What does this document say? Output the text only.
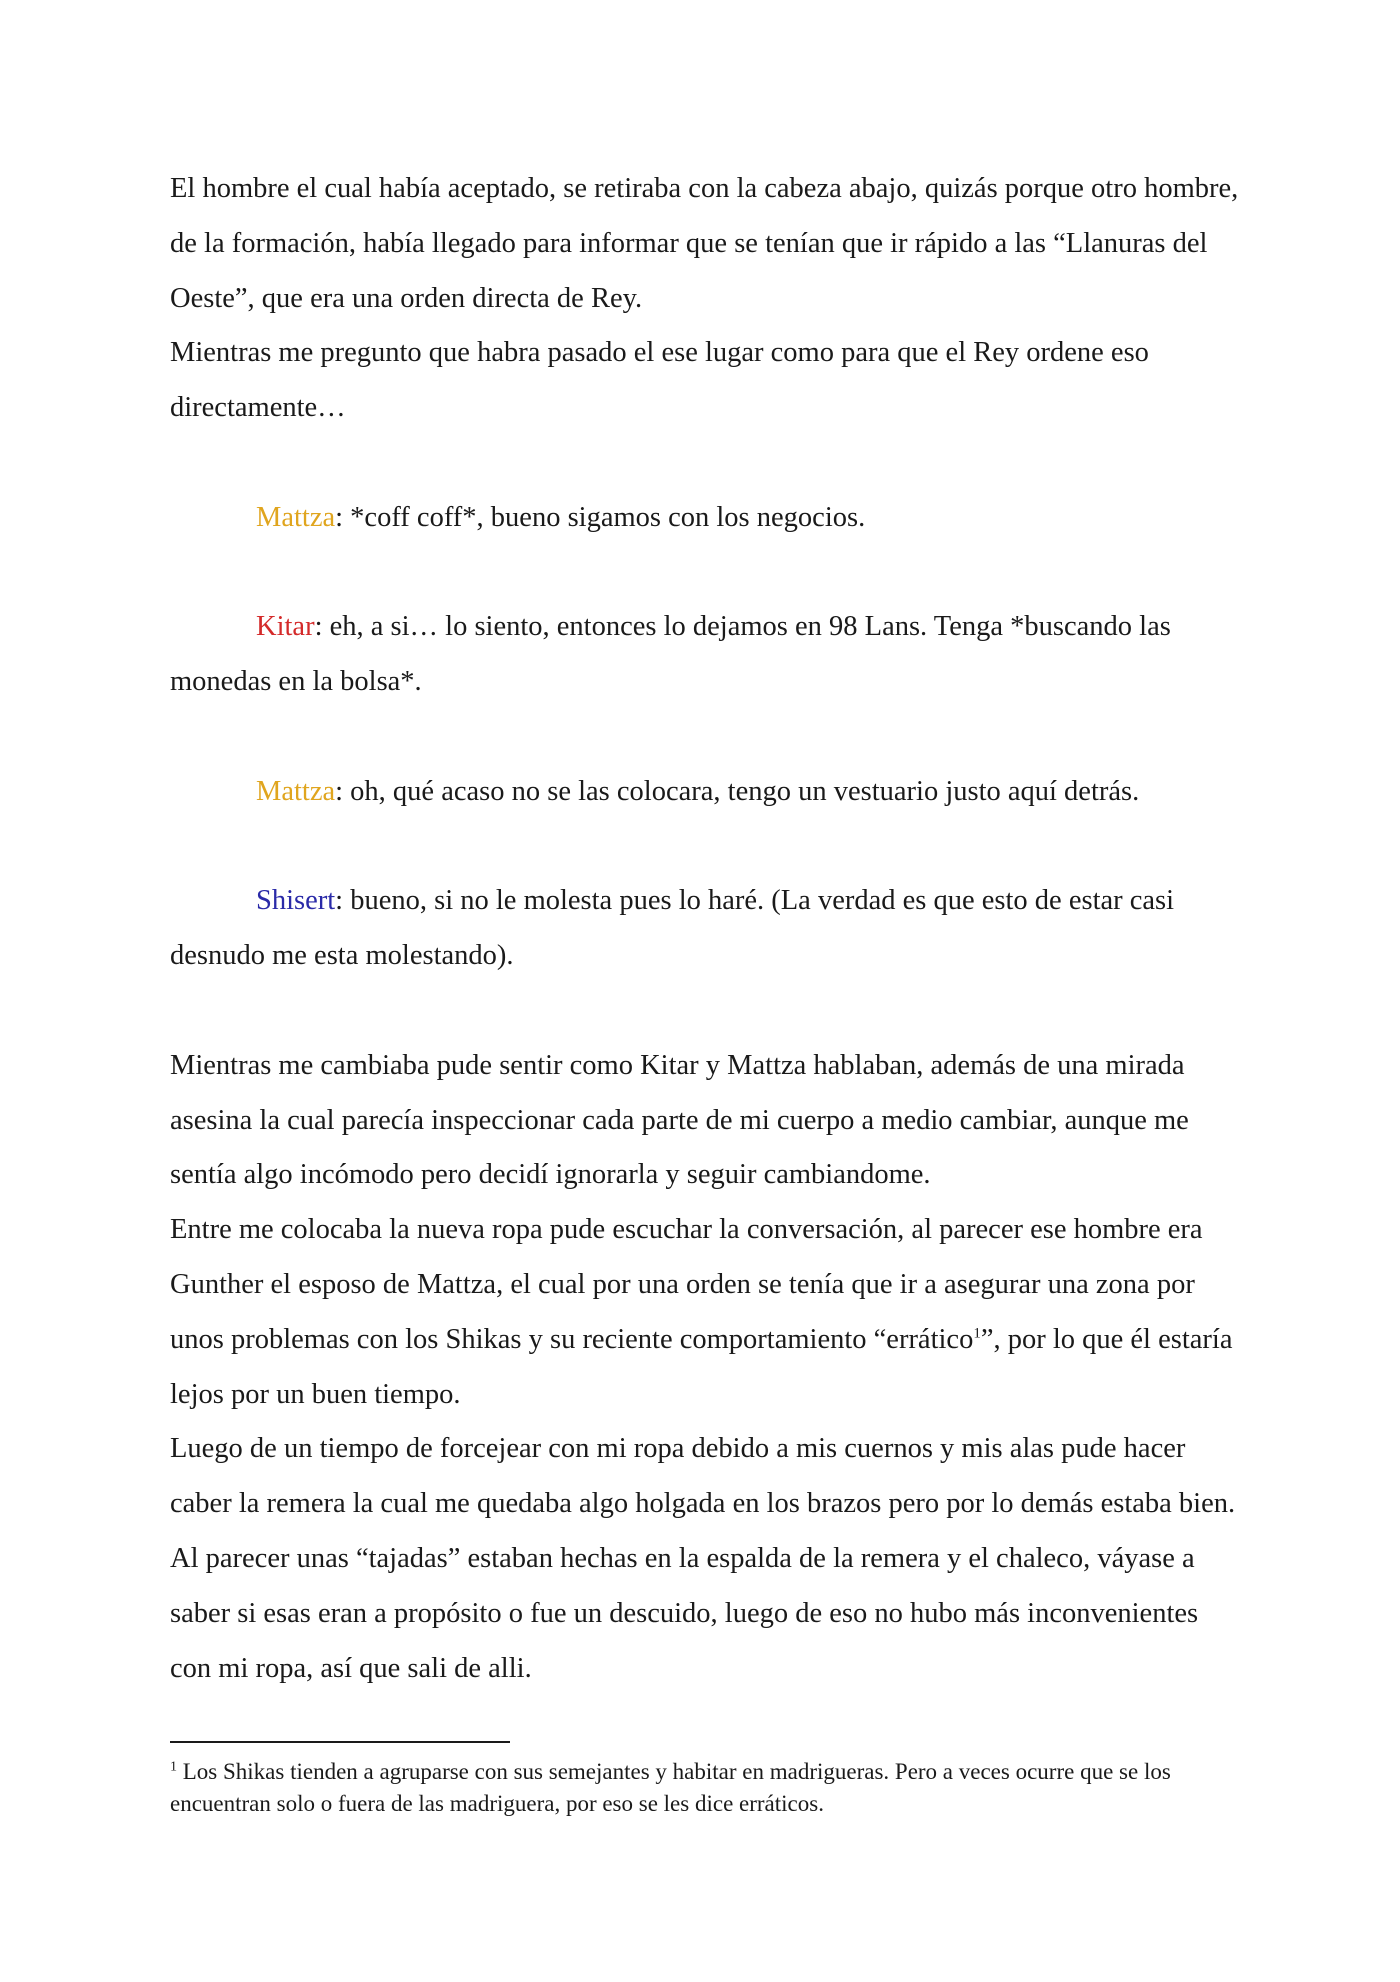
El hombre el cual había aceptado, se retiraba con la cabeza abajo, quizás porque otro hombre, de la formación, había llegado para informar que se tenían que ir rápido a las “Llanuras del Oeste”, que era una orden directa de Rey.

Mientras me pregunto que habra pasado el ese lugar como para que el Rey ordene eso directamente…

Mattza: *coff coff*, bueno sigamos con los negocios.

Kitar: eh, a si… lo siento, entonces lo dejamos en 98 Lans. Tenga *buscando las monedas en la bolsa*.

Mattza: oh, qué acaso no se las colocara, tengo un vestuario justo aquí detrás.

Shisert: bueno, si no le molesta pues lo haré. (La verdad es que esto de estar casi desnudo me esta molestando).

Mientras me cambiaba pude sentir como Kitar y Mattza hablaban, además de una mirada asesina la cual parecía inspeccionar cada parte de mi cuerpo a medio cambiar, aunque me sentía algo incómodo pero decidí ignorarla y seguir cambiandome.

Entre me colocaba la nueva ropa pude escuchar la conversación, al parecer ese hombre era Gunther el esposo de Mattza, el cual por una orden se tenía que ir a asegurar una zona por unos problemas con los Shikas y su reciente comportamiento “errático$^1$”, por lo que él estaría lejos por un buen tiempo.

Luego de un tiempo de forcejear con mi ropa debido a mis cuernos y mis alas pude hacer caber la remera la cual me quedaba algo holgada en los brazos pero por lo demás estaba bien. Al parecer unas “tajadas” estaban hechas en la espalda de la remera y el chaleco, váyase a saber si esas eran a propósito o fue un descuido, luego de eso no hubo más inconvenientes con mi ropa, así que sali de alli.

$^1$ Los Shikas tienden a agruparse con sus semejantes y habitar en madrigueras. Pero a veces ocurre que se los encuentran solo o fuera de las madriguera, por eso se les dice erráticos.
